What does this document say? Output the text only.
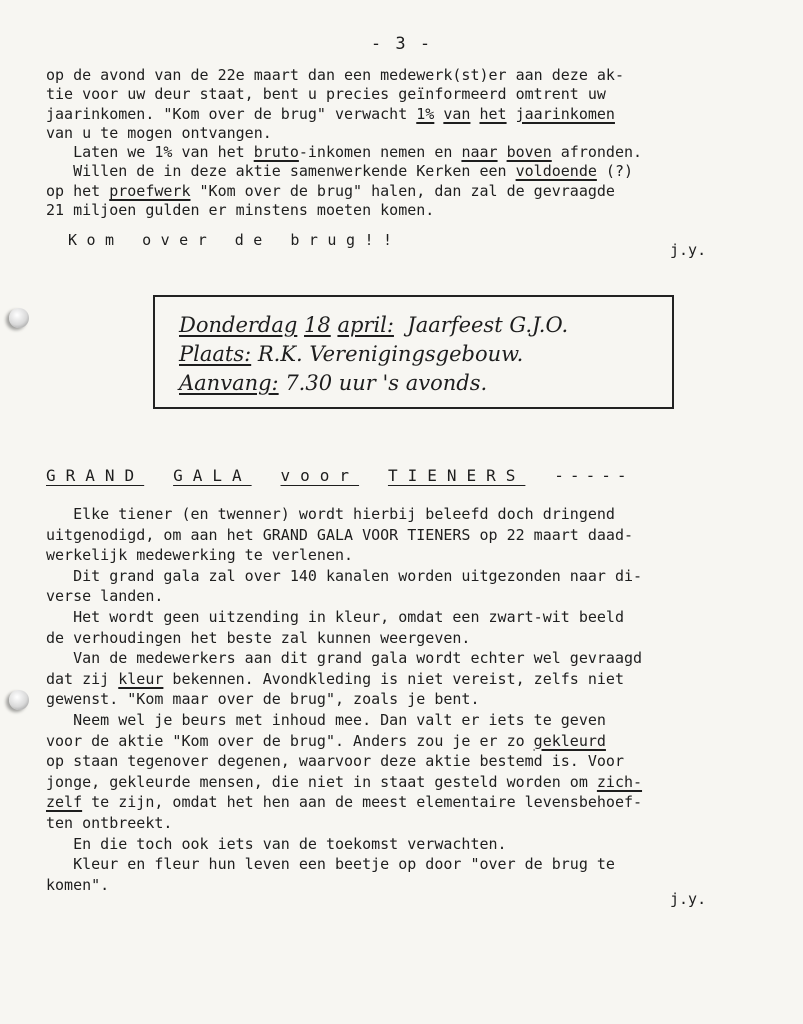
- 3 -
op de avond van de 22e maart dan een medewerk(st)er aan deze ak-
tie voor uw deur staat, bent u precies geïnformeerd omtrent uw
jaarinkomen. "Kom over de brug" verwacht 1% van het jaarinkomen
van u te mogen ontvangen.
Laten we 1% van het bruto-inkomen nemen en naar boven afronden.
Willen de in deze aktie samenwerkende Kerken een voldoende (?)
op het proefwerk "Kom over de brug" halen, dan zal de gevraagde
21 miljoen gulden er minstens moeten komen.
Kom over de brug!!
j.y.
Donderdag 18 april:  Jaarfeest G.J.O.
Plaats: R.K. Verenigingsgebouw.
Aanvang: 7.30 uur 's avonds.
GRAND GALA voor TIENERS -----
Elke tiener (en twenner) wordt hierbij beleefd doch dringend
uitgenodigd, om aan het GRAND GALA VOOR TIENERS op 22 maart daad-
werkelijk medewerking te verlenen.
Dit grand gala zal over 140 kanalen worden uitgezonden naar di-
verse landen.
Het wordt geen uitzending in kleur, omdat een zwart-wit beeld
de verhoudingen het beste zal kunnen weergeven.
Van de medewerkers aan dit grand gala wordt echter wel gevraagd
dat zij kleur bekennen. Avondkleding is niet vereist, zelfs niet
gewenst. "Kom maar over de brug", zoals je bent.
Neem wel je beurs met inhoud mee. Dan valt er iets te geven
voor de aktie "Kom over de brug". Anders zou je er zo gekleurd
op staan tegenover degenen, waarvoor deze aktie bestemd is. Voor
jonge, gekleurde mensen, die niet in staat gesteld worden om zich-
zelf te zijn, omdat het hen aan de meest elementaire levensbehoef-
ten ontbreekt.
En die toch ook iets van de toekomst verwachten.
Kleur en fleur hun leven een beetje op door "over de brug te
komen".
j.y.
